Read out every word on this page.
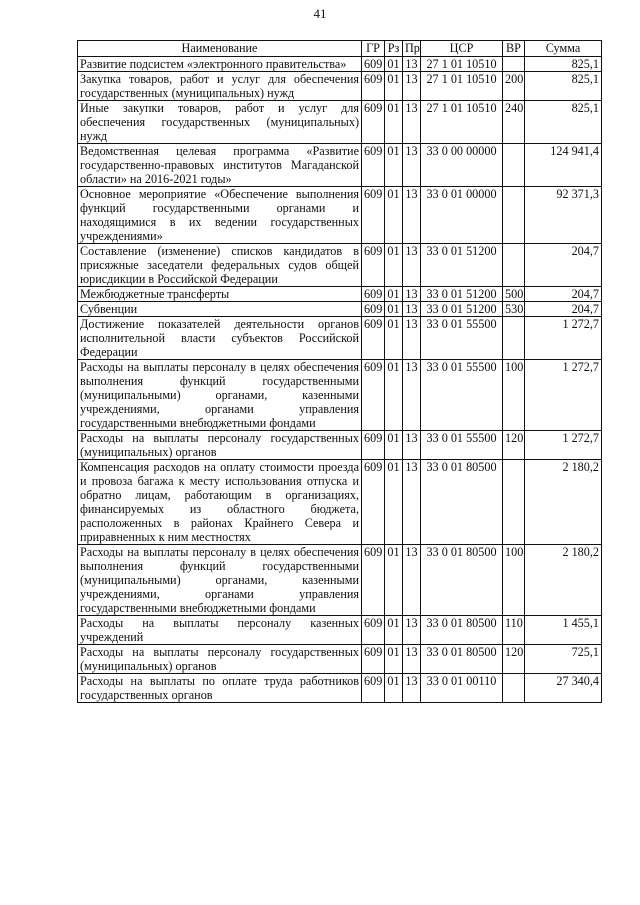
41
Наименование	ГР	Рз	Пр	ЦСР	ВР	Сумма
Развитие подсистем «электронного правительства»	609	01	13	27 1 01 10510		825,1
Закупка товаров, работ и услуг для обеспечения государственных (муниципальных) нужд	609	01	13	27 1 01 10510	200	825,1
Иные закупки товаров, работ и услуг для обеспечения государственных (муниципальных) нужд	609	01	13	27 1 01 10510	240	825,1
Ведомственная целевая программа «Развитие государственно-правовых институтов Магаданской области» на 2016-2021 годы»	609	01	13	33 0 00 00000		124 941,4
Основное мероприятие «Обеспечение выполнения функций государственными органами и находящимися в их ведении государственных учреждениями»	609	01	13	33 0 01 00000		92 371,3
Составление (изменение) списков кандидатов в присяжные заседатели федеральных судов общей юрисдикции в Российской Федерации	609	01	13	33 0 01 51200		204,7
Межбюджетные трансферты	609	01	13	33 0 01 51200	500	204,7
Субвенции	609	01	13	33 0 01 51200	530	204,7
Достижение показателей деятельности органов исполнительной власти субъектов Российской Федерации	609	01	13	33 0 01 55500		1 272,7
Расходы на выплаты персоналу в целях обеспечения выполнения функций государственными (муниципальными) органами, казенными учреждениями, органами управления государственными внебюджетными фондами	609	01	13	33 0 01 55500	100	1 272,7
Расходы на выплаты персоналу государственных (муниципальных) органов	609	01	13	33 0 01 55500	120	1 272,7
Компенсация расходов на оплату стоимости проезда и провоза багажа к месту использования отпуска и обратно лицам, работающим в организациях, финансируемых из областного бюджета, расположенных в районах Крайнего Севера и приравненных к ним местностях	609	01	13	33 0 01 80500		2 180,2
Расходы на выплаты персоналу в целях обеспечения выполнения функций государственными (муниципальными) органами, казенными учреждениями, органами управления государственными внебюджетными фондами	609	01	13	33 0 01 80500	100	2 180,2
Расходы на выплаты персоналу казенных учреждений	609	01	13	33 0 01 80500	110	1 455,1
Расходы на выплаты персоналу государственных (муниципальных) органов	609	01	13	33 0 01 80500	120	725,1
Расходы на выплаты по оплате труда работников государственных органов	609	01	13	33 0 01 00110		27 340,4
